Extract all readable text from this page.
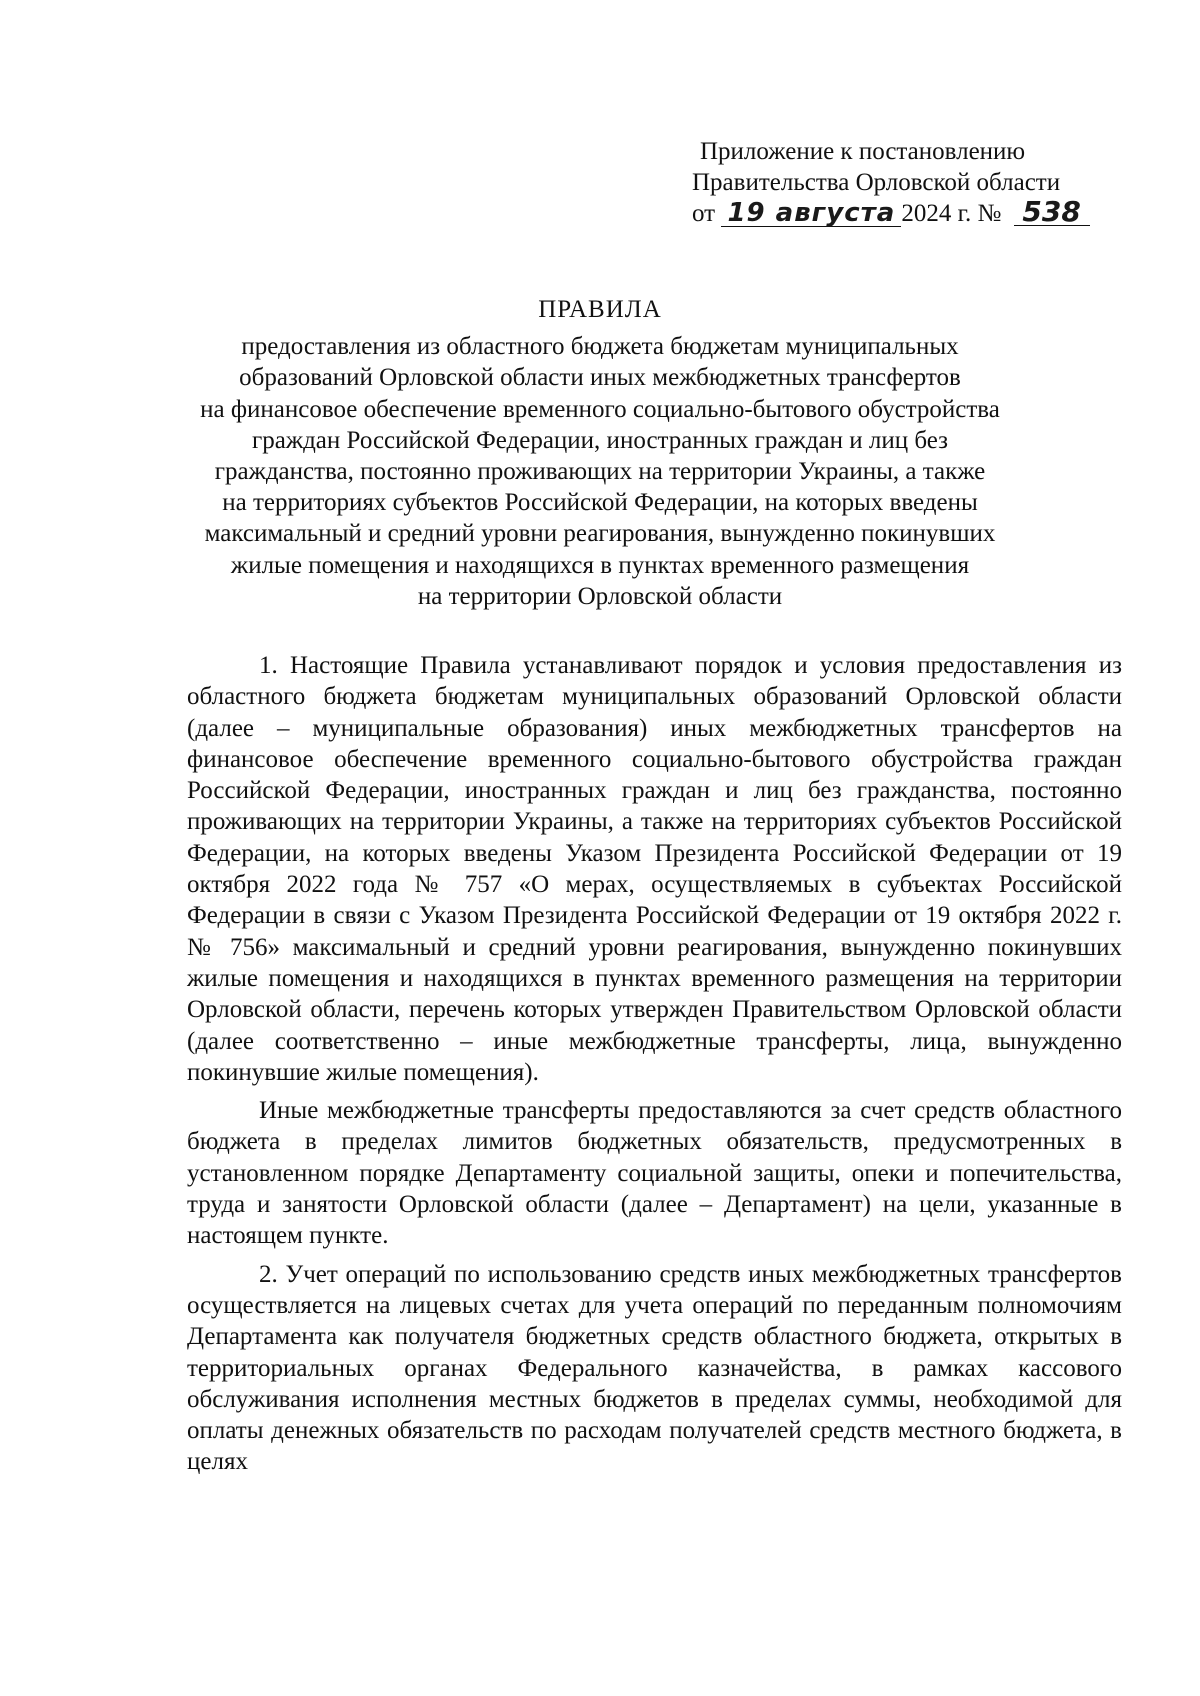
Приложение к постановлению
Правительства Орловской области
от 19 августа 2024 г. № 538
ПРАВИЛА
предоставления из областного бюджета бюджетам муниципальных
образований Орловской области иных межбюджетных трансфертов
на финансовое обеспечение временного социально-бытового обустройства
граждан Российской Федерации, иностранных граждан и лиц без
гражданства, постоянно проживающих на территории Украины, а также
на территориях субъектов Российской Федерации, на которых введены
максимальный и средний уровни реагирования, вынужденно покинувших
жилые помещения и находящихся в пунктах временного размещения
на территории Орловской области

1. Настоящие Правила устанавливают порядок и условия предоставления из областного бюджета бюджетам муниципальных образований Орловской области (далее – муниципальные образования) иных межбюджетных трансфертов на финансовое обеспечение временного социально-бытового обустройства граждан Российской Федерации, иностранных граждан и лиц без гражданства, постоянно проживающих на территории Украины, а также на территориях субъектов Российской Федерации, на которых введены Указом Президента Российской Федерации от 19 октября 2022 года № 757 «О мерах, осуществляемых в субъектах Российской Федерации в связи с Указом Президента Российской Федерации от 19 октября 2022 г. № 756» максимальный и средний уровни реагирования, вынужденно покинувших жилые помещения и находящихся в пунктах временного размещения на территории Орловской области, перечень которых утвержден Правительством Орловской области (далее соответственно – иные межбюджетные трансферты, лица, вынужденно покинувшие жилые помещения).

Иные межбюджетные трансферты предоставляются за счет средств областного бюджета в пределах лимитов бюджетных обязательств, предусмотренных в установленном порядке Департаменту социальной защиты, опеки и попечительства, труда и занятости Орловской области (далее – Департамент) на цели, указанные в настоящем пункте.

2. Учет операций по использованию средств иных межбюджетных трансфертов осуществляется на лицевых счетах для учета операций по переданным полномочиям Департамента как получателя бюджетных средств областного бюджета, открытых в территориальных органах Федерального казначейства, в рамках кассового обслуживания исполнения местных бюджетов в пределах суммы, необходимой для оплаты денежных обязательств по расходам получателей средств местного бюджета, в целях
